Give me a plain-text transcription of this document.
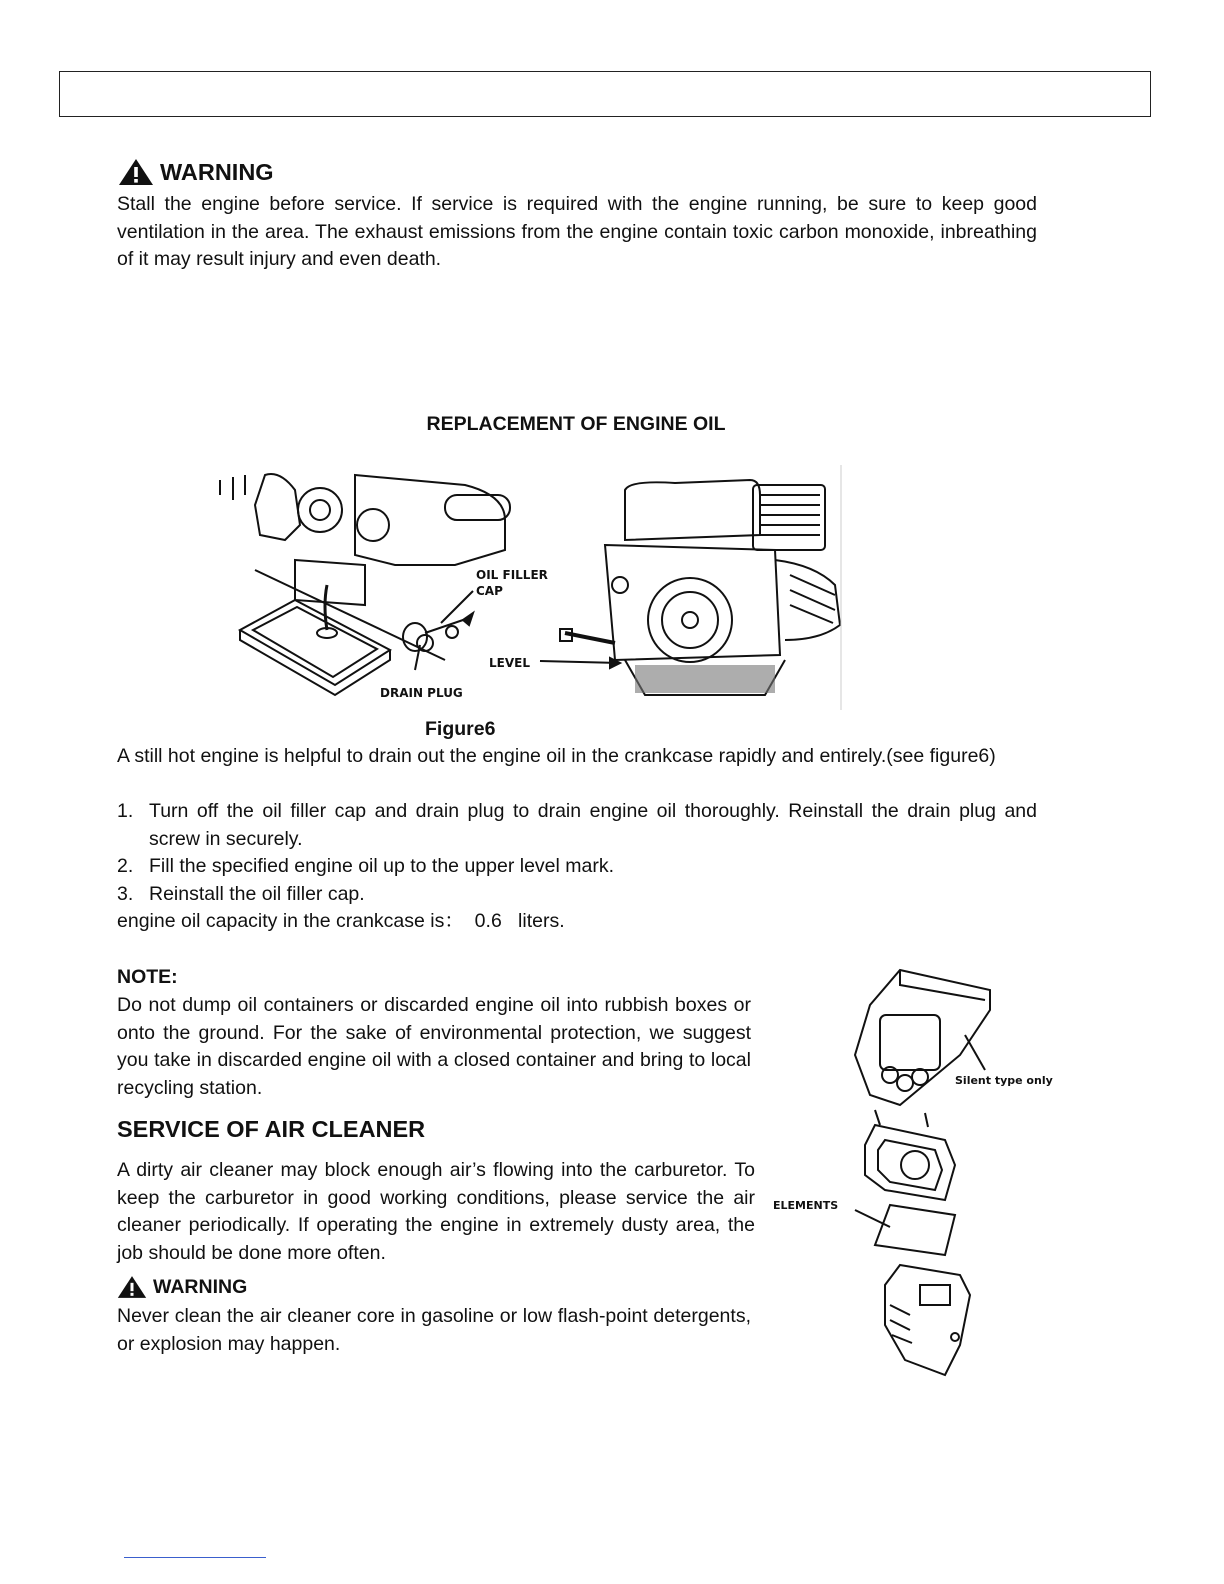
WARNING
Stall the engine before service. If service is required with the engine running, be sure to keep good ventilation in the area. The exhaust emissions from the engine contain toxic carbon monoxide, inbreathing of it may result injury and even death.
REPLACEMENT OF ENGINE OIL
OIL FILLER
CAP
DRAIN PLUG
LEVEL
Figure6
A still hot engine is helpful to drain out the engine oil in the crankcase rapidly and entirely.(see figure6)
1. Turn off the oil filler cap and drain plug to drain engine oil thoroughly. Reinstall the drain plug and screw in securely.
2. Fill the specified engine oil up to the upper level mark.
3. Reinstall the oil filler cap.
engine oil capacity in the crankcase is：  0.6   liters.
NOTE:
Do not dump oil containers or discarded engine oil into rubbish boxes or onto the ground. For the sake of environmental protection, we suggest you take in discarded engine oil with a closed container and bring to local recycling station.
SERVICE OF AIR CLEANER
A dirty air cleaner may block enough air’s flowing into the carburetor. To keep the carburetor in good working conditions, please service the air cleaner periodically. If operating the engine in extremely dusty area, the job should be done more often.
WARNING
Never clean the air cleaner core in gasoline or low flash-point detergents, or explosion may happen.
Silent type only
ELEMENTS
